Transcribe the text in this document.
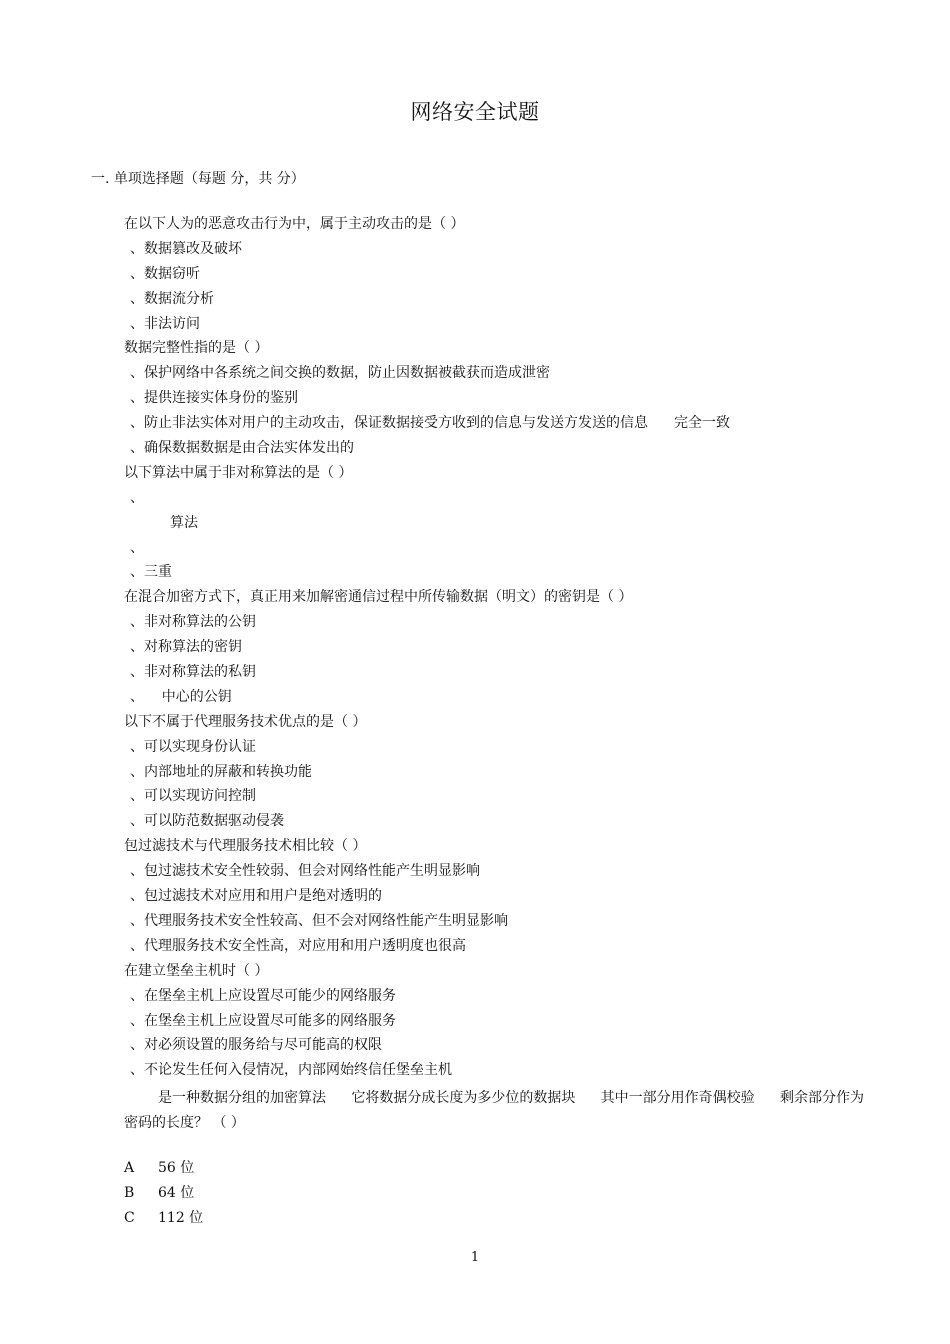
网络安全试题
一. 单项选择题（每题 分，共 分）
在以下人为的恶意攻击行为中，属于主动攻击的是（ ）
、数据篡改及破坏
、数据窃听
、数据流分析
、非法访问
数据完整性指的是（ ）
、保护网络中各系统之间交换的数据，防止因数据被截获而造成泄密
、提供连接实体身份的鉴别
、防止非法实体对用户的主动攻击，保证数据接受方收到的信息与发送方发送的信息 完全一致
、确保数据数据是由合法实体发出的
以下算法中属于非对称算法的是（ ）
、
算法
、
、三重
在混合加密方式下，真正用来加解密通信过程中所传输数据（明文）的密钥是（ ）
、非对称算法的公钥
、对称算法的密钥
、非对称算法的私钥
、    中心的公钥
以下不属于代理服务技术优点的是（ ）
、可以实现身份认证
、内部地址的屏蔽和转换功能
、可以实现访问控制
、可以防范数据驱动侵袭
包过滤技术与代理服务技术相比较（ ）
、包过滤技术安全性较弱、但会对网络性能产生明显影响
、包过滤技术对应用和用户是绝对透明的
、代理服务技术安全性较高、但不会对网络性能产生明显影响
、代理服务技术安全性高，对应用和用户透明度也很高
在建立堡垒主机时（ ）
、在堡垒主机上应设置尽可能少的网络服务
、在堡垒主机上应设置尽可能多的网络服务
、对必须设置的服务给与尽可能高的权限
、不论发生任何入侵情况，内部网始终信任堡垒主机
是一种数据分组的加密算法 它将数据分成长度为多少位的数据块 其中一部分用作奇偶校验 剩余部分作为
密码的长度？ （ ）
A 56 位
B 64 位
C 112 位
1
